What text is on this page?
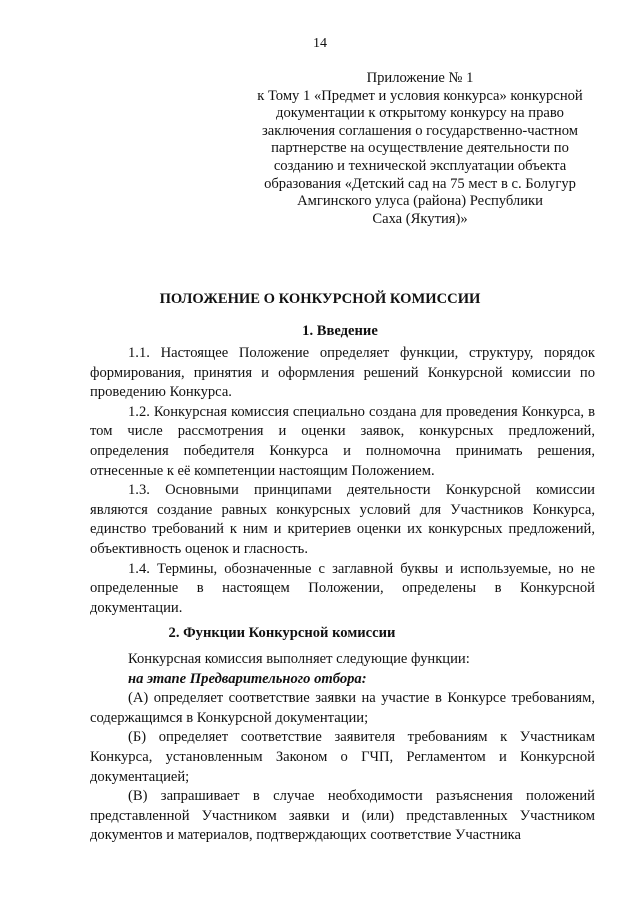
14
Приложение № 1
к Тому 1 «Предмет и условия конкурса» конкурсной
документации к открытому конкурсу на право
заключения соглашения о государственно-частном
партнерстве на осуществление деятельности по
созданию и технической эксплуатации объекта
образования «Детский сад на 75 мест в с. Болугур
Амгинского улуса (района) Республики
Саха (Якутия)»
ПОЛОЖЕНИЕ О КОНКУРСНОЙ КОМИССИИ
1. Введение

1.1. Настоящее Положение определяет функции, структуру, порядок формирования, принятия и оформления решений Конкурсной комиссии по проведению Конкурса.

1.2. Конкурсная комиссия специально создана для проведения Конкурса, в том числе рассмотрения и оценки заявок, конкурсных предложений, определения победителя Конкурса и полномочна принимать решения, отнесенные к её компетенции настоящим Положением.

1.3. Основными принципами деятельности Конкурсной комиссии являются создание равных конкурсных условий для Участников Конкурса, единство требований к ним и критериев оценки их конкурсных предложений, объективность оценок и гласность.

1.4. Термины, обозначенные с заглавной буквы и используемые, но не определенные в настоящем Положении, определены в Конкурсной документации.

2. Функции Конкурсной комиссии

Конкурсная комиссия выполняет следующие функции:

на этапе Предварительного отбора:

(А) определяет соответствие заявки на участие в Конкурсе требованиям, содержащимся в Конкурсной документации;

(Б) определяет соответствие заявителя требованиям к Участникам Конкурса, установленным Законом о ГЧП, Регламентом и Конкурсной документацией;

(В) запрашивает в случае необходимости разъяснения положений представленной Участником заявки и (или) представленных Участником документов и материалов, подтверждающих соответствие Участника
